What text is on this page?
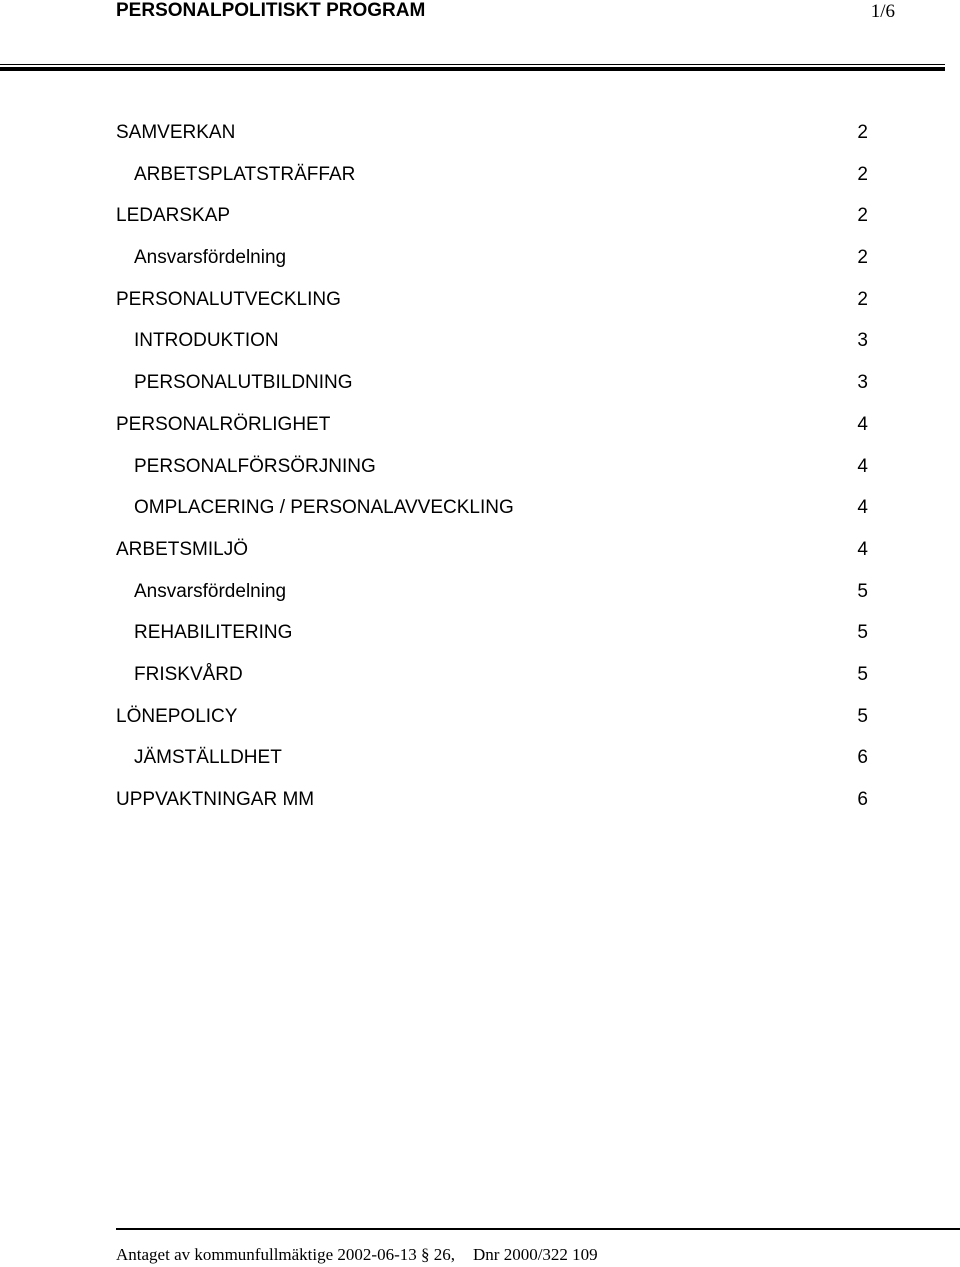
PERSONALPOLITISKT PROGRAM	1/6
SAMVERKAN	2
ARBETSPLATSTRÄFFAR	2
LEDARSKAP	2
Ansvarsfördelning	2
PERSONALUTVECKLING	2
INTRODUKTION	3
PERSONALUTBILDNING	3
PERSONALRÖRLIGHET	4
PERSONALFÖRSÖRJNING	4
OMPLACERING / PERSONALAVVECKLING	4
ARBETSMILJÖ	4
Ansvarsfördelning	5
REHABILITERING	5
FRISKVÅRD	5
LÖNEPOLICY	5
JÄMSTÄLLDHET	6
UPPVAKTNINGAR MM	6
Antaget av kommunfullmäktige 2002-06-13 § 26, Dnr 2000/322 109
